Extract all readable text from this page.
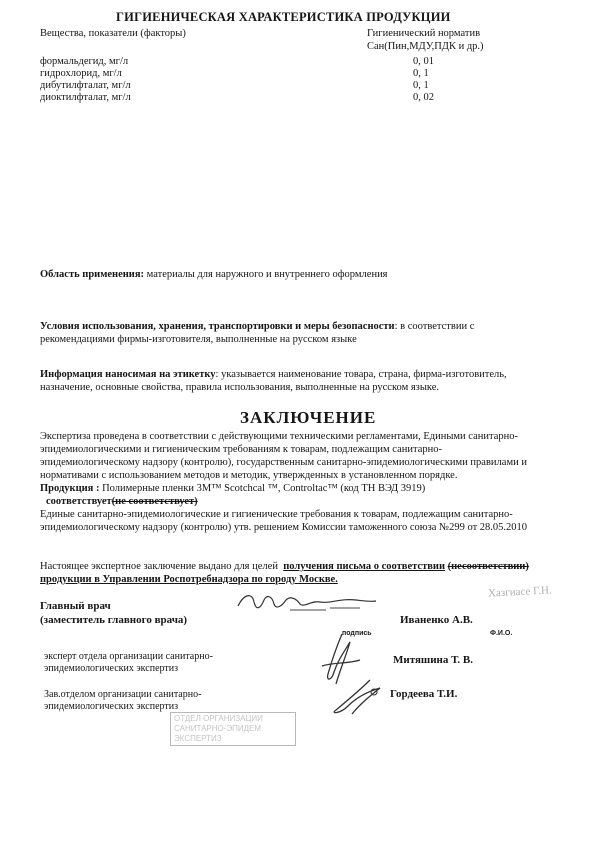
ГИГИЕНИЧЕСКАЯ ХАРАКТЕРИСТИКА ПРОДУКЦИИ
Вещества, показатели (факторы)	Гигиенический норматив
Сан(Пин,МДУ,ПДК и др.)
формальдегид, мг/л	0, 01
гидрохлорид, мг/л	0, 1
дибутилфталат, мг/л	0, 1
диоктилфталат, мг/л	0, 02
Область применения: материалы для наружного и внутреннего оформления
Условия использования, хранения, транспортировки и меры безопасности: в соответствии с
рекомендациями фирмы-изготовителя, выполненные на русском языке
Информация наносимая на этикетку: указывается наименование товара, страна, фирма-изготовитель,
назначение, основные свойства, правила использования, выполненные на русском языке.
ЗАКЛЮЧЕНИЕ
Экспертиза проведена в соответствии с действующими техническими регламентами, Едиными санитарно-
эпидемиологическими и гигиеническим требованиям к товарам, подлежащим санитарно-
эпидемиологическому надзору (контролю), государственным санитарно-эпидемиологическими правилами и
нормативами с использованием методов и методик, утвержденных в установленном порядке.
Продукция : Полимерные пленки 3M™ Scotchcal ™, Controltac™ (код ТН ВЭД 3919)
соответствует(не соответствует)
Единые санитарно-эпидемиологические и гигиенические требования к товарам, подлежащим санитарно-
эпидемиологическому надзору (контролю) утв. решением Комиссии таможенного союза №299 от 28.05.2010
Настоящее экспертное заключение выдано для целей получения письма о соответствии (несоответствии)
продукции в Управлении Роспотребнадзора по городу Москве.
Хазгиасе Г.Н.
Главный врач
(заместитель главного врача)	Иваненко А.В.
подпись	Ф.И.О.
эксперт отдела организации санитарно-
эпидемиологических экспертиз
Митяшина Т. В.
Зав.отделом организации санитарно-
эпидемиологических экспертиз
Гордеева Т.И.
ОТДЕЛ ОРГАНИЗАЦИИ САНИТАРНО-ЭПИДЕМ. ЭКСПЕРТИЗ
